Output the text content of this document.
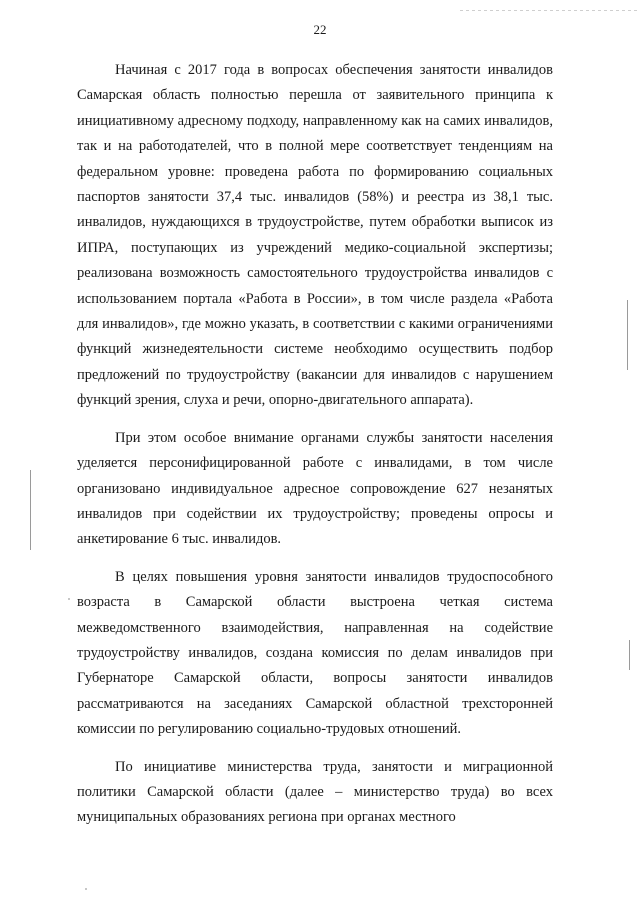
22

Начиная с 2017 года в вопросах обеспечения занятости инвалидов Самарская область полностью перешла от заявительного принципа к инициативному адресному подходу, направленному как на самих инвалидов, так и на работодателей, что в полной мере соответствует тенденциям на федеральном уровне: проведена работа по формированию социальных паспортов занятости 37,4 тыс. инвалидов (58%) и реестра из 38,1 тыс. инвалидов, нуждающихся в трудоустройстве, путем обработки выписок из ИПРА, поступающих из учреждений медико-социальной экспертизы; реализована возможность самостоятельного трудоустройства инвалидов с использованием портала «Работа в России», в том числе раздела «Работа для инвалидов», где можно указать, в соответствии с какими ограничениями функций жизнедеятельности системе необходимо осуществить подбор предложений по трудоустройству (вакансии для инвалидов с нарушением функций зрения, слуха и речи, опорно-двигательного аппарата).

При этом особое внимание органами службы занятости населения уделяется персонифицированной работе с инвалидами, в том числе организовано индивидуальное адресное сопровождение 627 незанятых инвалидов при содействии их трудоустройству; проведены опросы и анкетирование 6 тыс. инвалидов.

В целях повышения уровня занятости инвалидов трудоспособного возраста в Самарской области выстроена четкая система межведомственного взаимодействия, направленная на содействие трудоустройству инвалидов, создана комиссия по делам инвалидов при Губернаторе Самарской области, вопросы занятости инвалидов рассматриваются на заседаниях Самарской областной трехсторонней комиссии по регулированию социально-трудовых отношений.

По инициативе министерства труда, занятости и миграционной политики Самарской области (далее – министерство труда) во всех муниципальных образованиях региона при органах местного
